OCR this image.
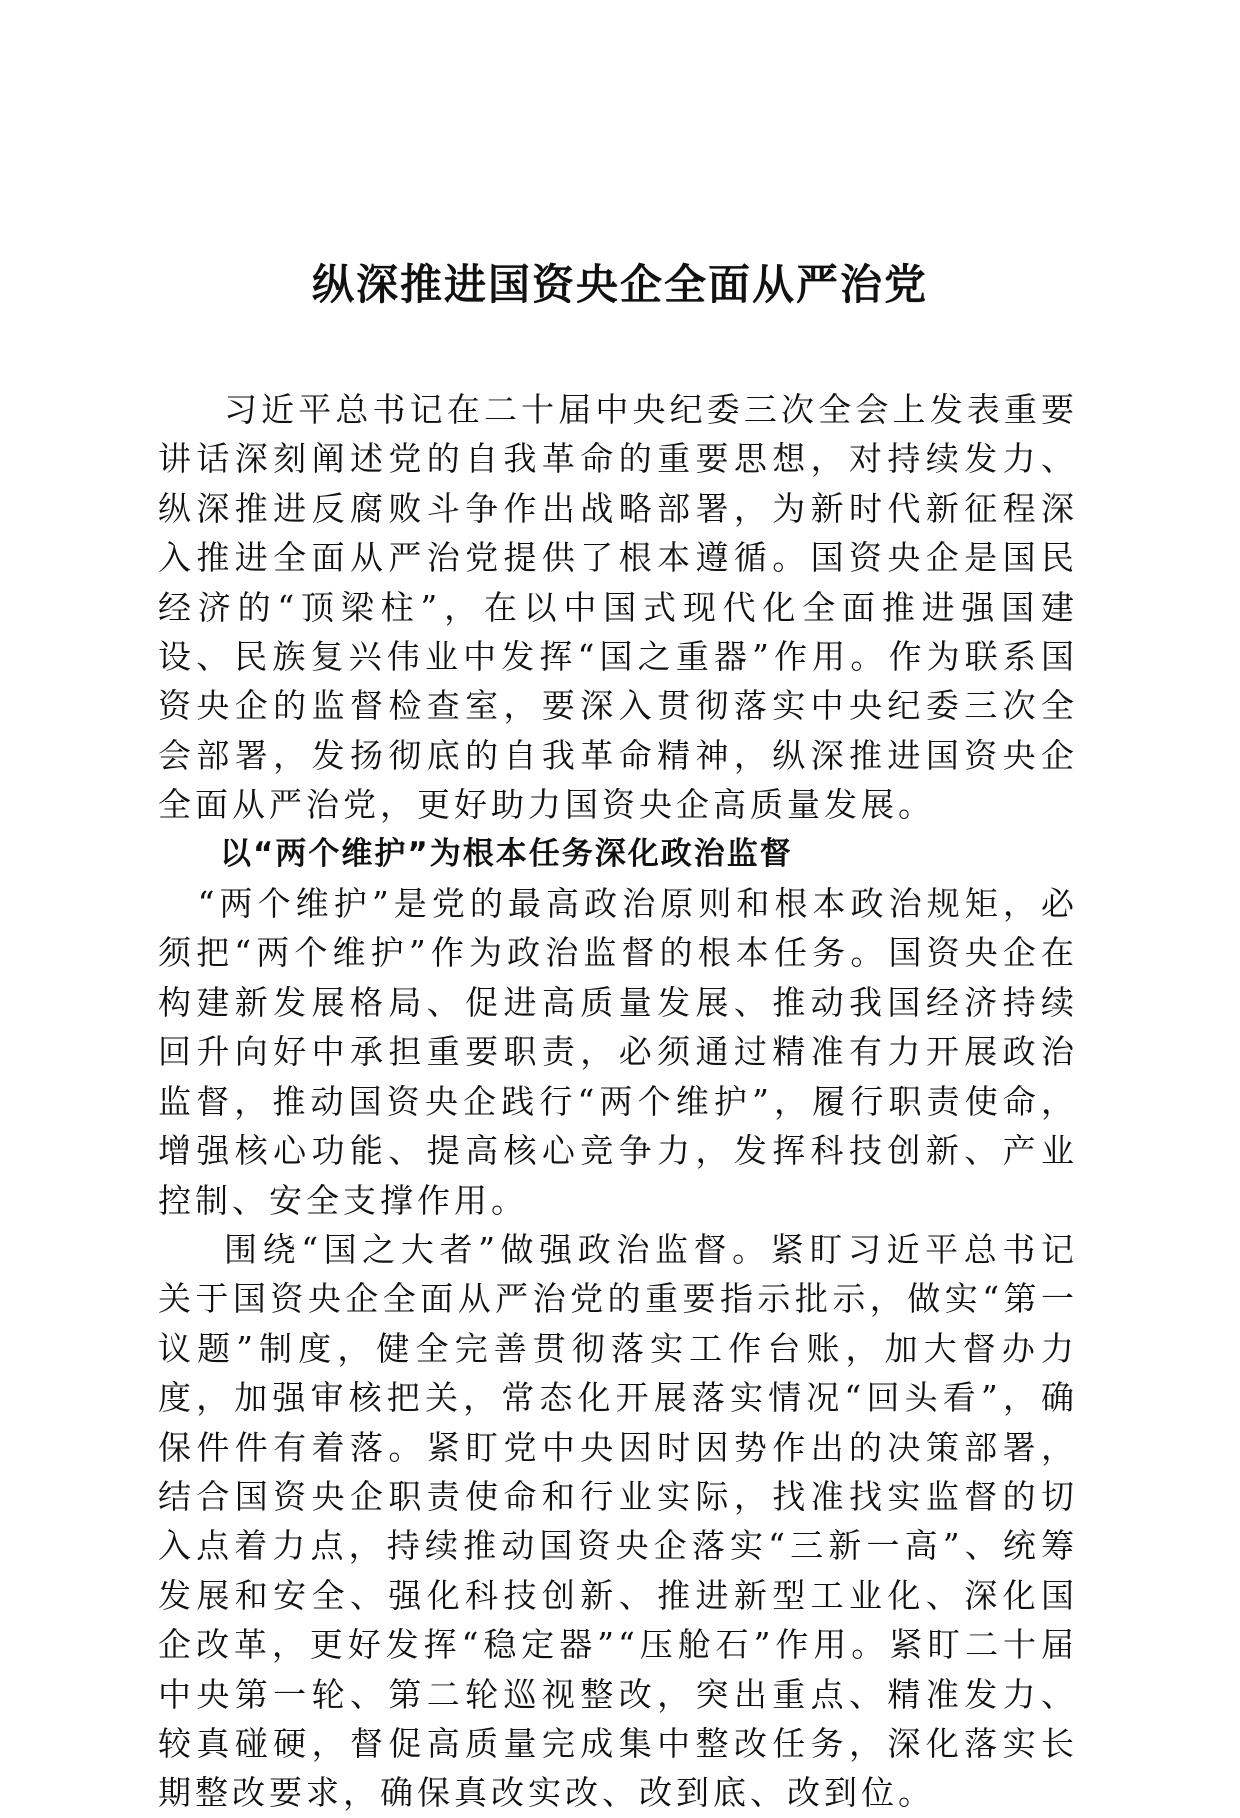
纵深推进国资央企全面从严治党

习近平总书记在二十届中央纪委三次全会上发表重要讲话深刻阐述党的自我革命的重要思想，对持续发力、纵深推进反腐败斗争作出战略部署，为新时代新征程深入推进全面从严治党提供了根本遵循。国资央企是国民经济的“顶梁柱”，在以中国式现代化全面推进强国建设、民族复兴伟业中发挥“国之重器”作用。作为联系国资央企的监督检查室，要深入贯彻落实中央纪委三次全会部署，发扬彻底的自我革命精神，纵深推进国资央企全面从严治党，更好助力国资央企高质量发展。

以“两个维护”为根本任务深化政治监督

“两个维护”是党的最高政治原则和根本政治规矩，必须把“两个维护”作为政治监督的根本任务。国资央企在构建新发展格局、促进高质量发展、推动我国经济持续回升向好中承担重要职责，必须通过精准有力开展政治监督，推动国资央企践行“两个维护”，履行职责使命，增强核心功能、提高核心竞争力，发挥科技创新、产业控制、安全支撑作用。

围绕“国之大者”做强政治监督。紧盯习近平总书记关于国资央企全面从严治党的重要指示批示，做实“第一议题”制度，健全完善贯彻落实工作台账，加大督办力度，加强审核把关，常态化开展落实情况“回头看”，确保件件有着落。紧盯党中央因时因势作出的决策部署，结合国资央企职责使命和行业实际，找准找实监督的切入点着力点，持续推动国资央企落实“三新一高”、统筹发展和安全、强化科技创新、推进新型工业化、深化国企改革，更好发挥“稳定器”“压舱石”作用。紧盯二十届中央第一轮、第二轮巡视整改，突出重点、精准发力、较真碰硬，督促高质量完成集中整改任务，深化落实长期整改要求，确保真改实改、改到底、改到位。
